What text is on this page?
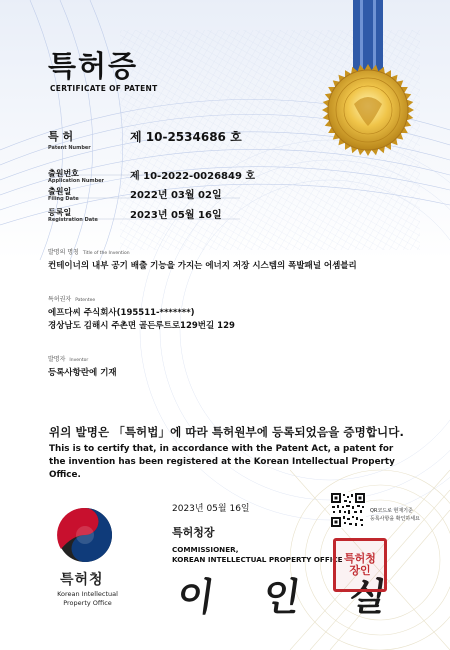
특허증
CERTIFICATE OF PATENT
특 허
Patent Number
제 10-2534686 호
출원번호
Application Number	제 10-2022-0026849 호
출원일
Filing Date	2022년 03월 02일
등록일
Registration Date	2023년 05월 16일
발명의 명칭 Title of the Invention
컨테이너의 내부 공기 배출 기능을 가지는 에너지 저장 시스템의 폭발패널 어셈블리
특허권자 Patentee
에프다씨 주식회사(195511-*******)
경상남도 김해시 주촌면 골든루트로129번길 129
발명자 Inventor
등록사항란에 기재
위의 발명은 「특허법」에 따라 특허원부에 등록되었음을 증명합니다.
This is to certify that, in accordance with the Patent Act, a patent for the invention has been registered at the Korean Intellectual Property Office.
특허청
Korean Intellectual
Property Office
2023년 05월 16일
특허청장
COMMISSIONER,
KOREAN INTELLECTUAL PROPERTY OFFICE
이 인 실
특허청장인
QR코드로 현재기준
등록사항을 확인하세요
